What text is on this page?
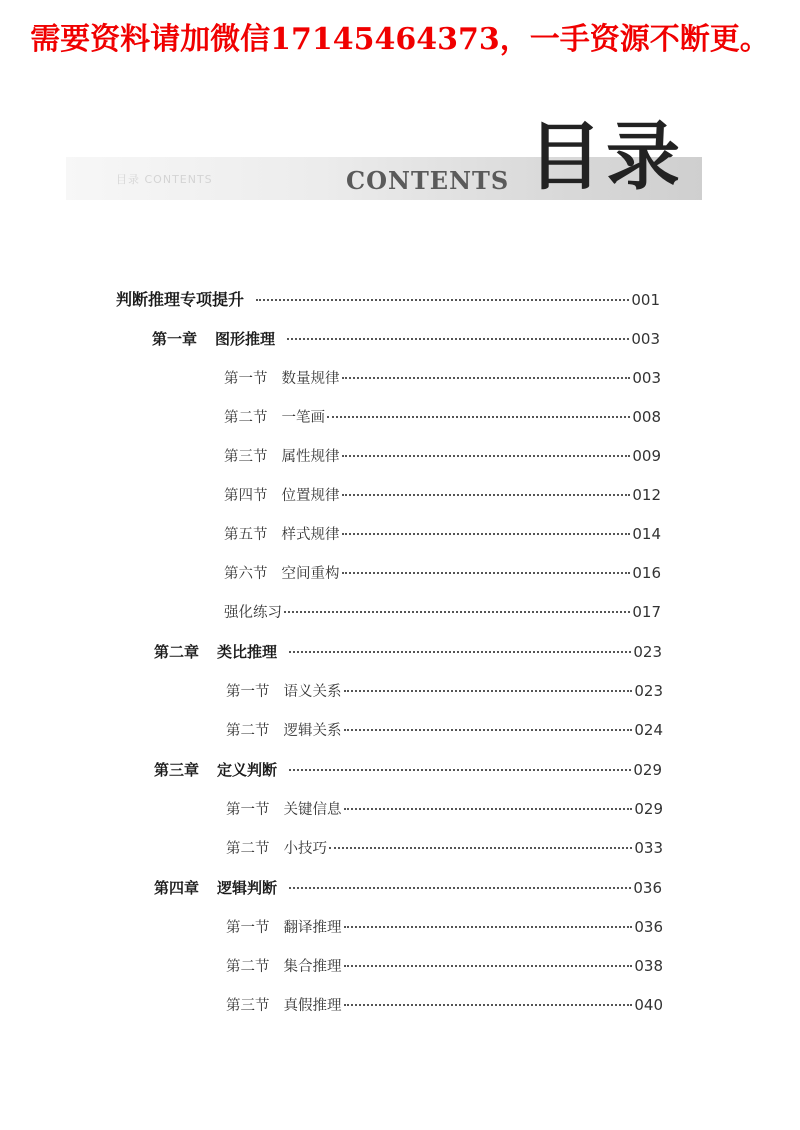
需要资料请加微信17145464373，一手资源不断更。
目录 CONTENTS	CONTENTS 目录
判断推理专项提升	001
第一章 图形推理	003
第一节 数量规律	003
第二节 一笔画	008
第三节 属性规律	009
第四节 位置规律	012
第五节 样式规律	014
第六节 空间重构	016
强化练习	017
第二章 类比推理	023
第一节 语义关系	023
第二节 逻辑关系	024
第三章 定义判断	029
第一节 关键信息	029
第二节 小技巧	033
第四章 逻辑判断	036
第一节 翻译推理	036
第二节 集合推理	038
第三节 真假推理	040
